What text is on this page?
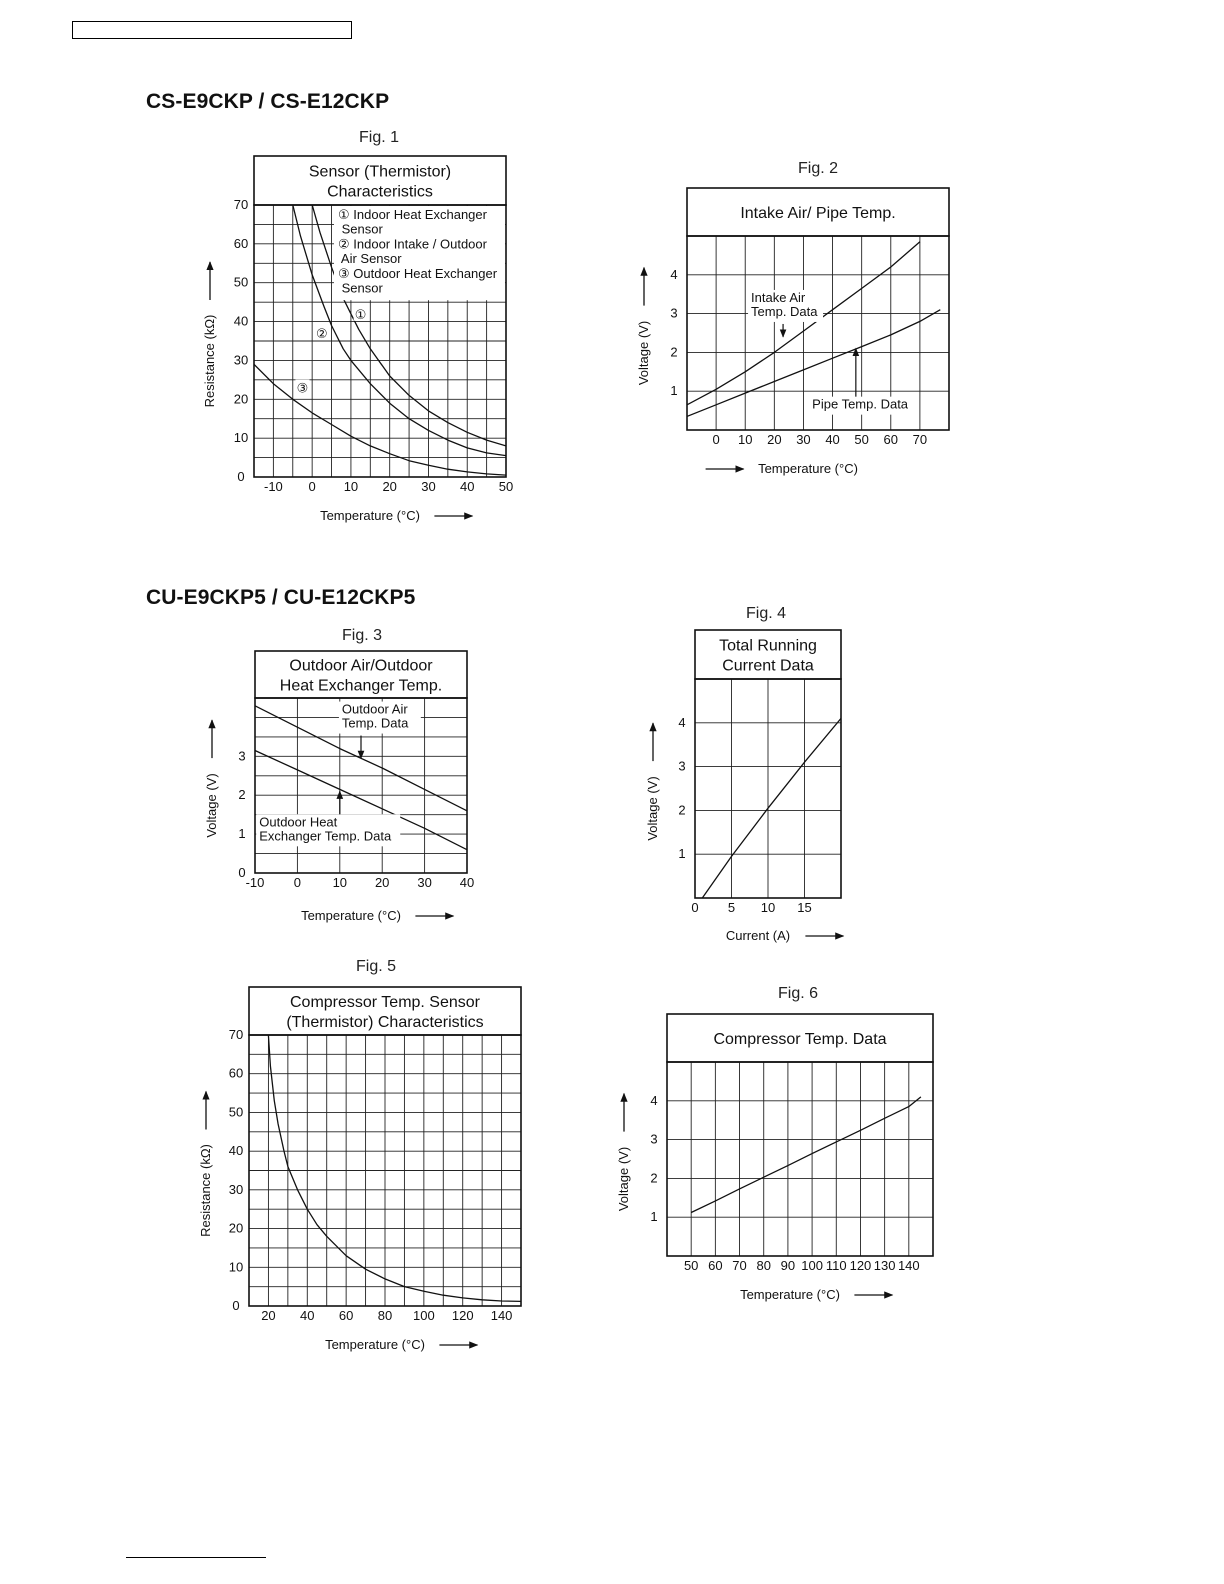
CS-E9CKP / CS-E12CKP
CU-E9CKP5 / CU-E12CKP5
Fig. 1
Fig. 2
Fig. 3
Fig. 4
Fig. 5
Fig. 6
Sensor (Thermistor) Characteristics
-10 0 10 20 30 40 50
0
10
20
30
40
50
60
70
Temperature (°C)
Resistance (kΩ)
① Indoor Heat Exchanger Sensor
② Indoor Intake / Outdoor Air Sensor
③ Outdoor Heat Exchanger Sensor
①
②
③
Intake Air/ Pipe Temp.
0 10 20 30 40 50 60 70
1
2
3
4
Temperature (°C)
Voltage (V)
Intake Air Temp. Data
Pipe Temp. Data
Outdoor Air/Outdoor Heat Exchanger Temp.
-10 0 10 20 30 40
0
1
2
3
Temperature (°C)
Voltage (V)
Outdoor Air Temp. Data
Outdoor Heat Exchanger Temp. Data
Total Running Current Data
0 5 10 15
1
2
3
4
Current (A)
Voltage (V)
Compressor Temp. Sensor (Thermistor) Characteristics
20 40 60 80 100 120 140
0
10
20
30
40
50
60
70
Temperature (°C)
Resistance (kΩ)
Compressor Temp. Data
50 60 70 80 90 100 110 120 130 140
1
2
3
4
Temperature (°C)
Voltage (V)
